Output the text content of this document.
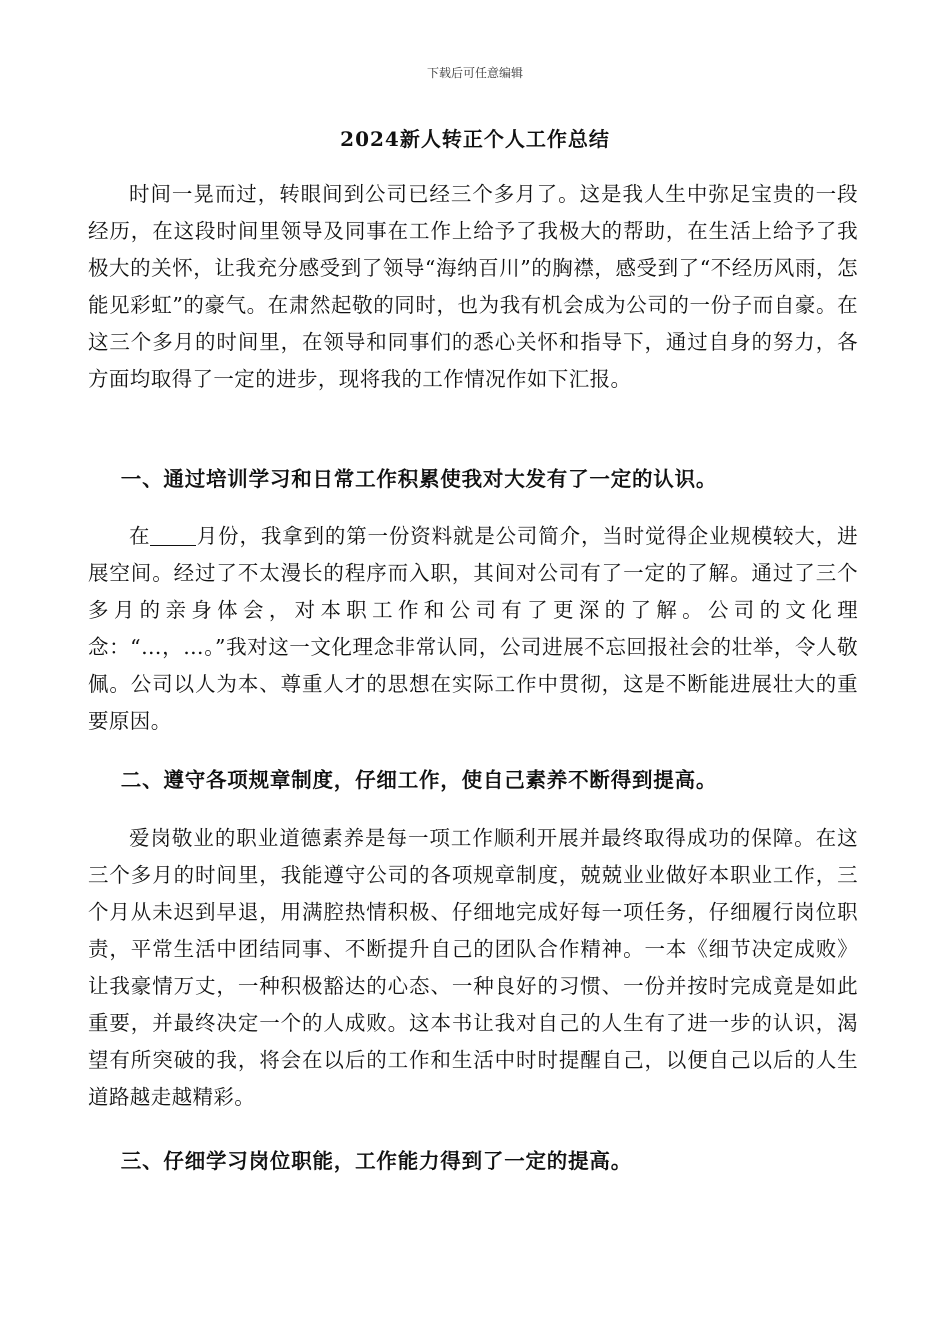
下载后可任意编辑
2024新人转正个人工作总结

时间一晃而过，转眼间到公司已经三个多月了。这是我人生中弥足宝贵的一段经历，在这段时间里领导及同事在工作上给予了我极大的帮助，在生活上给予了我极大的关怀，让我充分感受到了领导“海纳百川”的胸襟，感受到了“不经历风雨，怎能见彩虹”的豪气。在肃然起敬的同时，也为我有机会成为公司的一份子而自豪。在这三个多月的时间里，在领导和同事们的悉心关怀和指导下，通过自身的努力，各方面均取得了一定的进步，现将我的工作情况作如下汇报。

一、通过培训学习和日常工作积累使我对大发有了一定的认识。

在 月份，我拿到的第一份资料就是公司简介，当时觉得企业规模较大，进展空间。经过了不太漫长的程序而入职，其间对公司有了一定的了解。通过了三个多月的亲身体会，对本职工作和公司有了更深的了解。公司的文化理念：“…，…。”我对这一文化理念非常认同，公司进展不忘回报社会的壮举，令人敬佩。公司以人为本、尊重人才的思想在实际工作中贯彻，这是不断能进展壮大的重要原因。

二、遵守各项规章制度，仔细工作，使自己素养不断得到提高。

爱岗敬业的职业道德素养是每一项工作顺利开展并最终取得成功的保障。在这三个多月的时间里，我能遵守公司的各项规章制度，兢兢业业做好本职业工作，三个月从未迟到早退，用满腔热情积极、仔细地完成好每一项任务，仔细履行岗位职责，平常生活中团结同事、不断提升自己的团队合作精神。一本《细节决定成败》让我豪情万丈，一种积极豁达的心态、一种良好的习惯、一份并按时完成竟是如此重要，并最终决定一个的人成败。这本书让我对自己的人生有了进一步的认识，渴望有所突破的我，将会在以后的工作和生活中时时提醒自己，以便自己以后的人生道路越走越精彩。

三、仔细学习岗位职能，工作能力得到了一定的提高。
